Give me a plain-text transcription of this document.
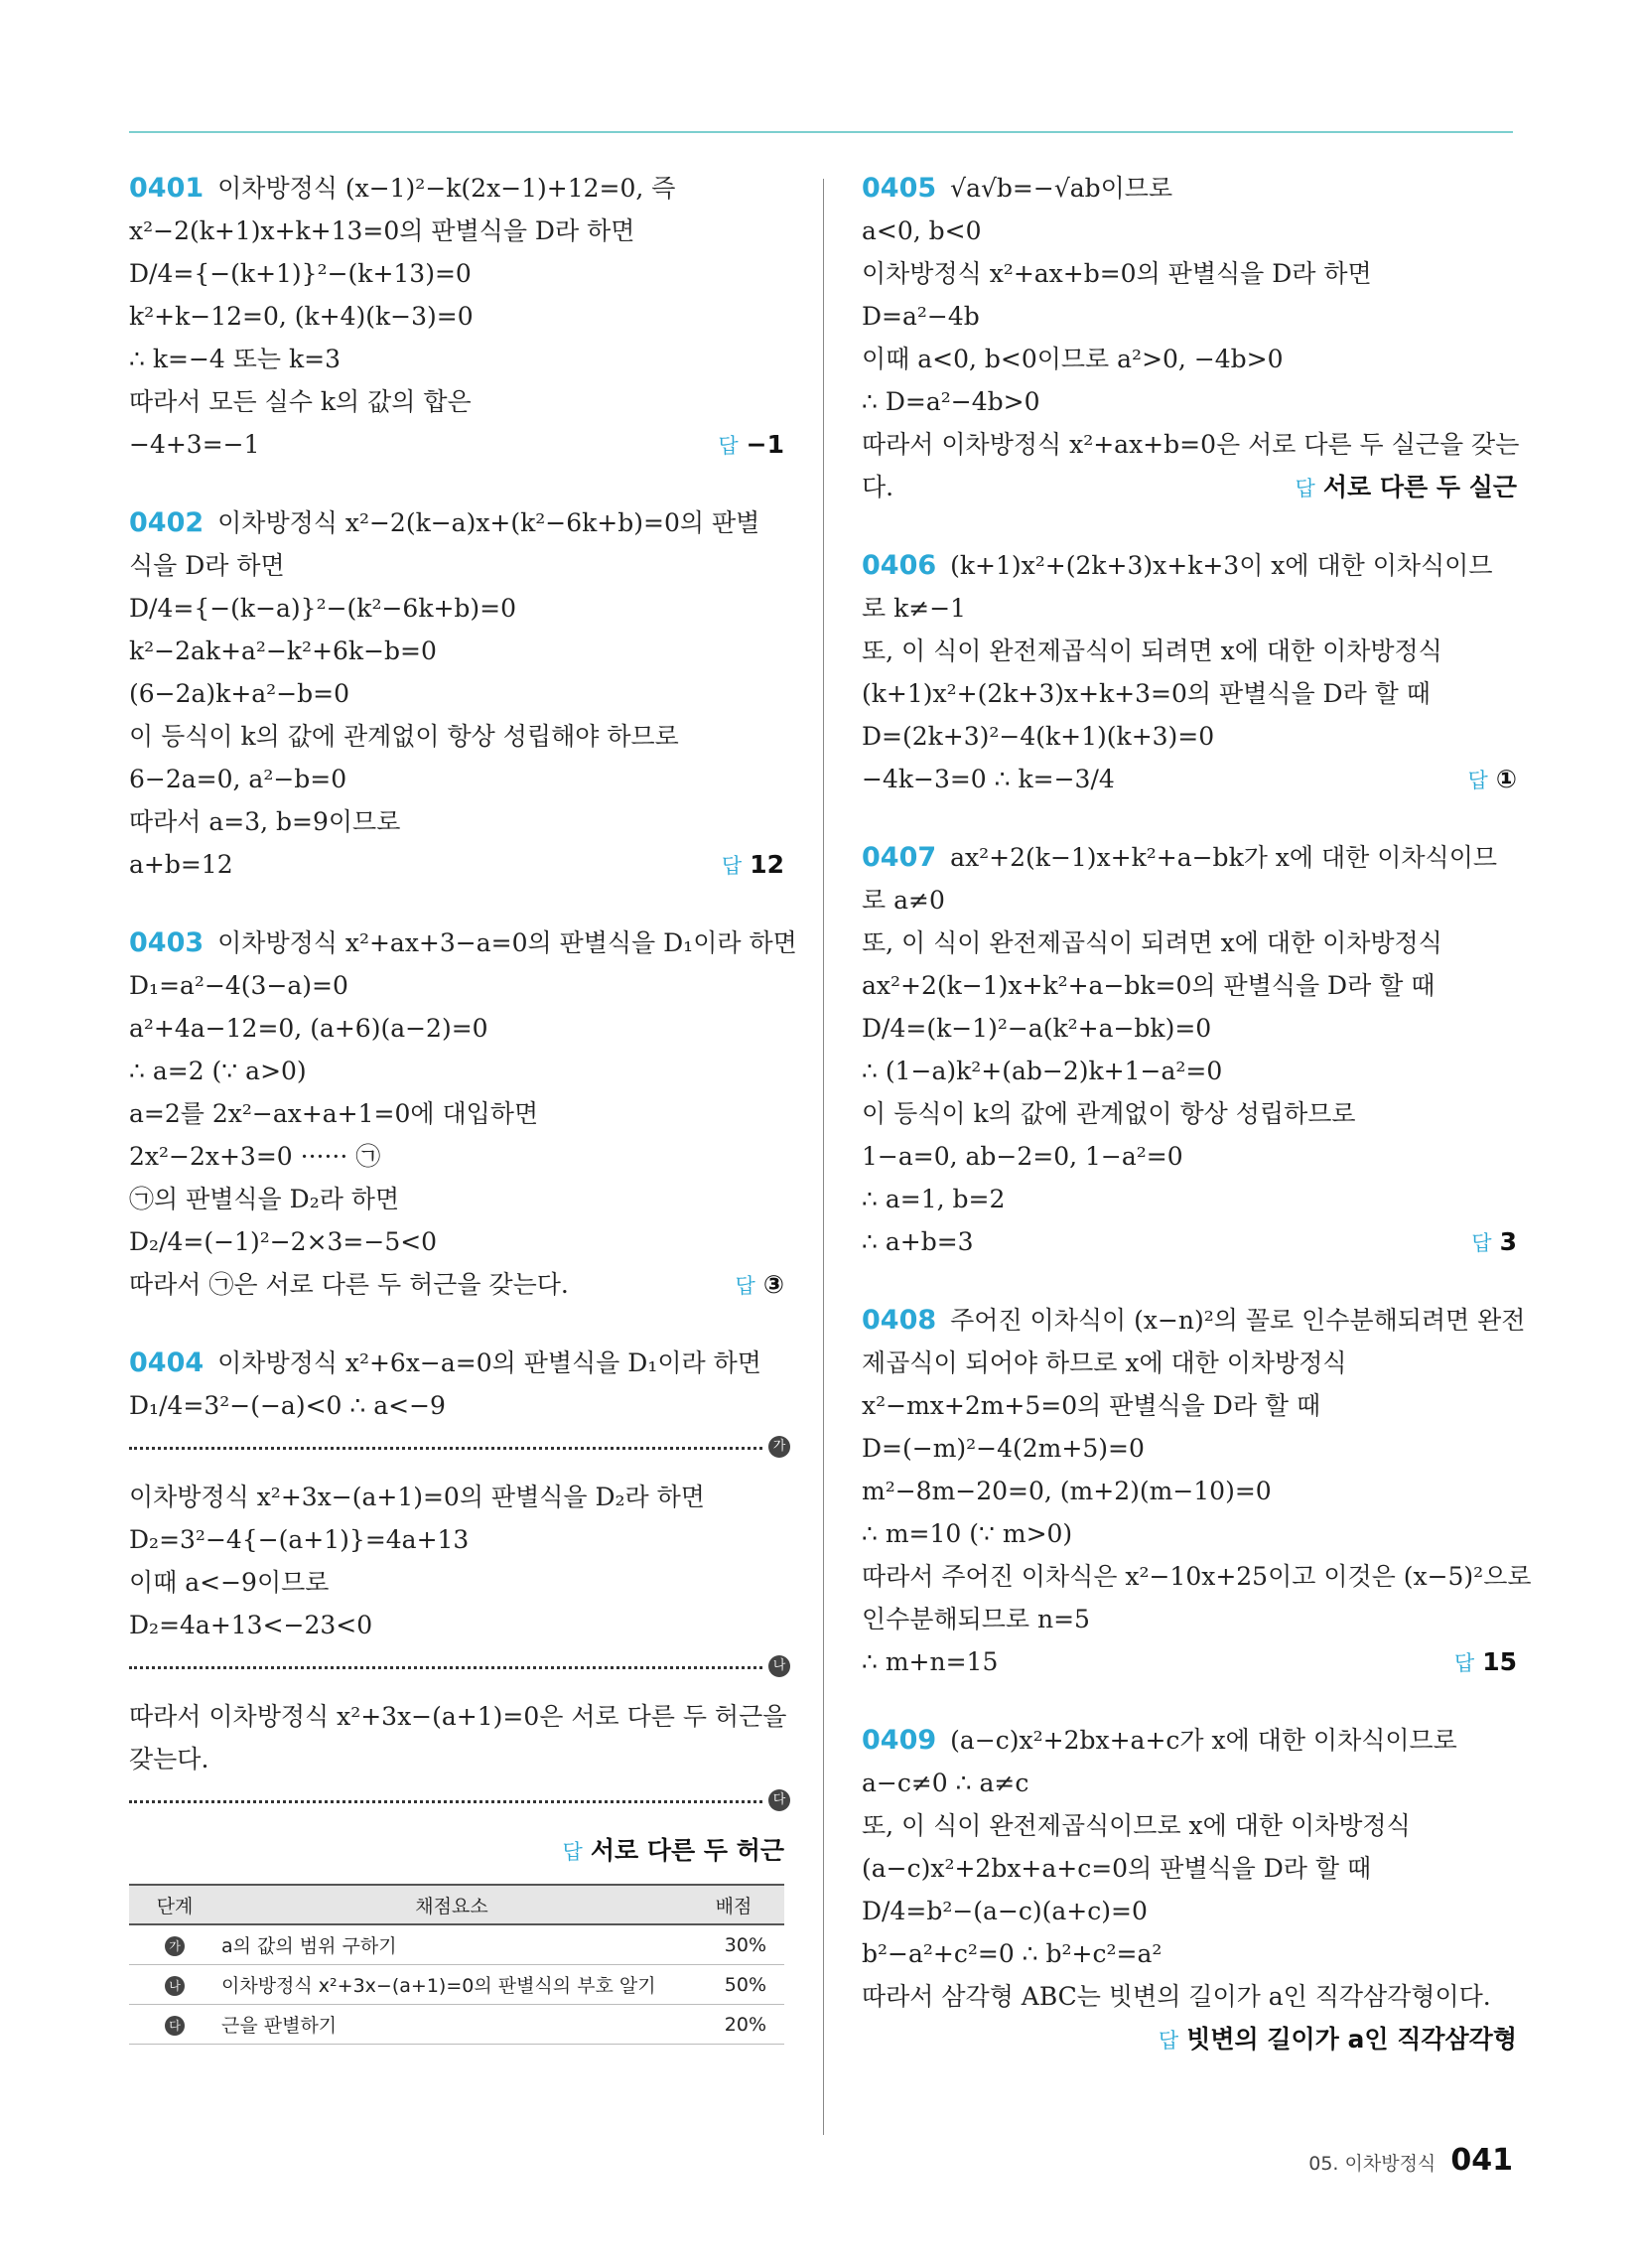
0401 이차방정식 (x−1)²−k(2x−1)+12=0, 즉
x²−2(k+1)x+k+13=0의 판별식을 D라 하면
D/4={−(k+1)}²−(k+13)=0
k²+k−12=0, (k+4)(k−3)=0
∴ k=−4 또는 k=3
따라서 모든 실수 k의 값의 합은
−4+3=−1	답 −1
0402 이차방정식 x²−2(k−a)x+(k²−6k+b)=0의 판별
식을 D라 하면
D/4={−(k−a)}²−(k²−6k+b)=0
k²−2ak+a²−k²+6k−b=0
(6−2a)k+a²−b=0
이 등식이 k의 값에 관계없이 항상 성립해야 하므로
6−2a=0, a²−b=0
따라서 a=3, b=9이므로
a+b=12	답 12
0403 이차방정식 x²+ax+3−a=0의 판별식을 D₁이라 하면
D₁=a²−4(3−a)=0
a²+4a−12=0, (a+6)(a−2)=0
∴ a=2 (∵ a>0)
a=2를 2x²−ax+a+1=0에 대입하면
2x²−2x+3=0 ······ ㉠
㉠의 판별식을 D₂라 하면
D₂/4=(−1)²−2×3=−5<0
따라서 ㉠은 서로 다른 두 허근을 갖는다.	답 ③
0404 이차방정식 x²+6x−a=0의 판별식을 D₁이라 하면
D₁/4=3²−(−a)<0 ∴ a<−9
가
이차방정식 x²+3x−(a+1)=0의 판별식을 D₂라 하면
D₂=3²−4{−(a+1)}=4a+13
이때 a<−9이므로
D₂=4a+13<−23<0
나
따라서 이차방정식 x²+3x−(a+1)=0은 서로 다른 두 허근을
갖는다.
다
답 서로 다른 두 허근
단계	채점요소	배점
가	a의 값의 범위 구하기	30%
나	이차방정식 x²+3x−(a+1)=0의 판별식의 부호 알기	50%
다	근을 판별하기	20%
0405 √a√b=−√ab이므로
a<0, b<0
이차방정식 x²+ax+b=0의 판별식을 D라 하면
D=a²−4b
이때 a<0, b<0이므로 a²>0, −4b>0
∴ D=a²−4b>0
따라서 이차방정식 x²+ax+b=0은 서로 다른 두 실근을 갖는
다.	답 서로 다른 두 실근
0406 (k+1)x²+(2k+3)x+k+3이 x에 대한 이차식이므
로 k≠−1
또, 이 식이 완전제곱식이 되려면 x에 대한 이차방정식
(k+1)x²+(2k+3)x+k+3=0의 판별식을 D라 할 때
D=(2k+3)²−4(k+1)(k+3)=0
−4k−3=0 ∴ k=−3/4	답 ①
0407 ax²+2(k−1)x+k²+a−bk가 x에 대한 이차식이므
로 a≠0
또, 이 식이 완전제곱식이 되려면 x에 대한 이차방정식
ax²+2(k−1)x+k²+a−bk=0의 판별식을 D라 할 때
D/4=(k−1)²−a(k²+a−bk)=0
∴ (1−a)k²+(ab−2)k+1−a²=0
이 등식이 k의 값에 관계없이 항상 성립하므로
1−a=0, ab−2=0, 1−a²=0
∴ a=1, b=2
∴ a+b=3	답 3
0408 주어진 이차식이 (x−n)²의 꼴로 인수분해되려면 완전
제곱식이 되어야 하므로 x에 대한 이차방정식
x²−mx+2m+5=0의 판별식을 D라 할 때
D=(−m)²−4(2m+5)=0
m²−8m−20=0, (m+2)(m−10)=0
∴ m=10 (∵ m>0)
따라서 주어진 이차식은 x²−10x+25이고 이것은 (x−5)²으로
인수분해되므로 n=5
∴ m+n=15	답 15
0409 (a−c)x²+2bx+a+c가 x에 대한 이차식이므로
a−c≠0 ∴ a≠c
또, 이 식이 완전제곱식이므로 x에 대한 이차방정식
(a−c)x²+2bx+a+c=0의 판별식을 D라 할 때
D/4=b²−(a−c)(a+c)=0
b²−a²+c²=0 ∴ b²+c²=a²
따라서 삼각형 ABC는 빗변의 길이가 a인 직각삼각형이다.
답 빗변의 길이가 a인 직각삼각형
05. 이차방정식 041
